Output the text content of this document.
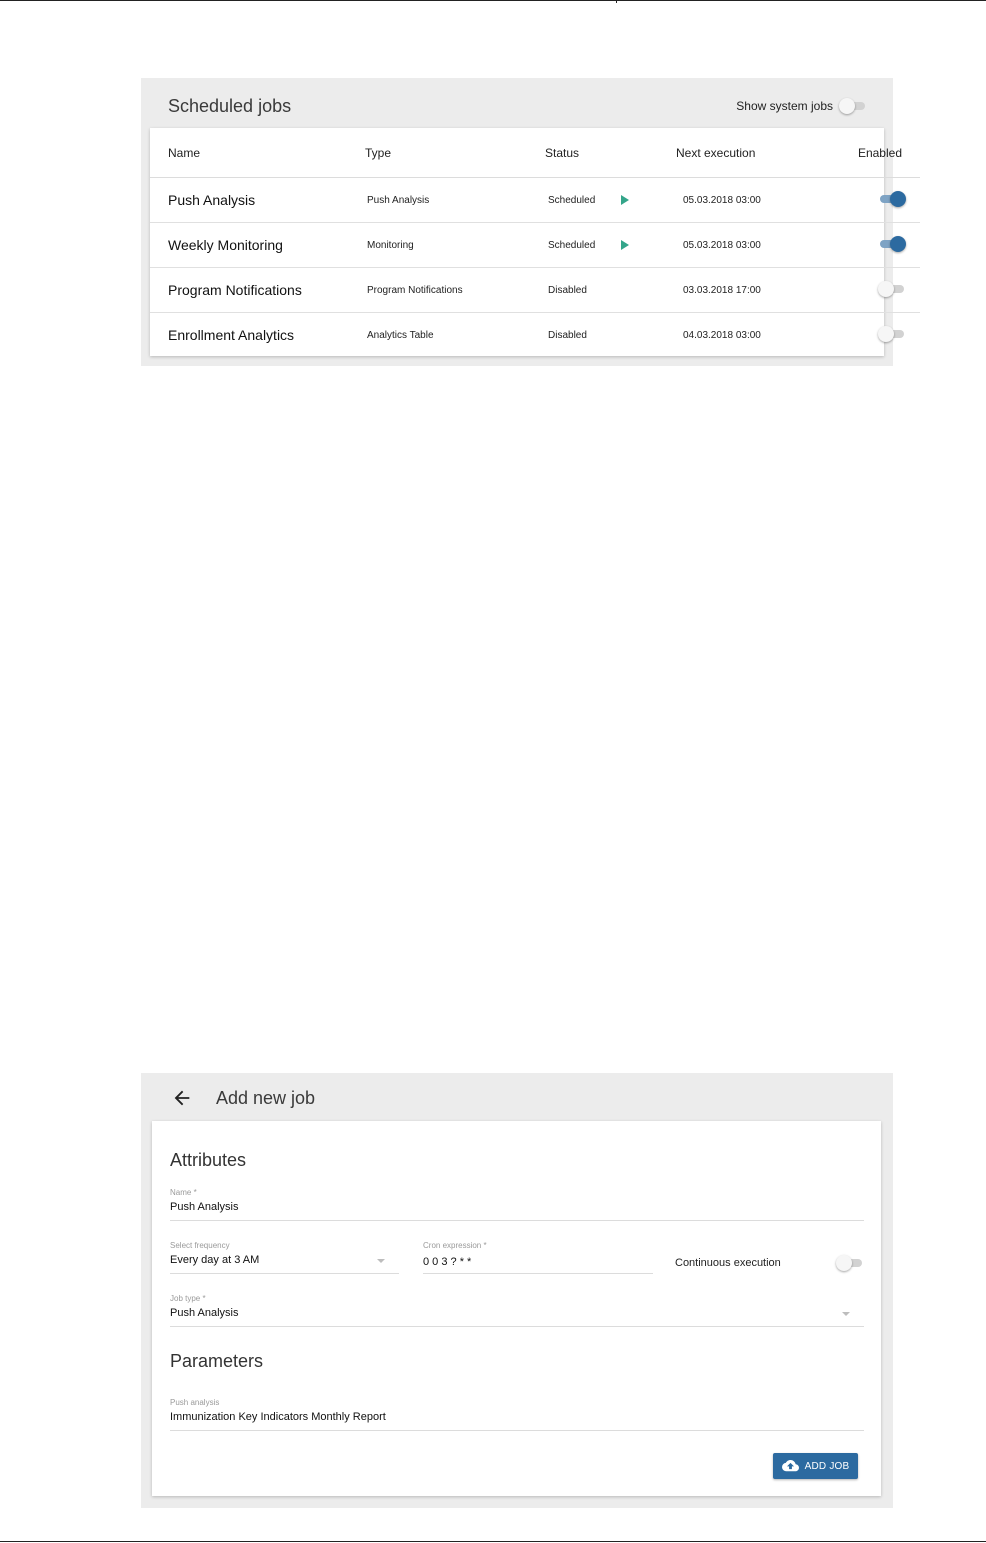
Scheduled jobs	Show system jobs
Name	Type	Status	Next execution	Enabled
Push Analysis	Push Analysis	Scheduled	05.03.2018 03:00	

Weekly Monitoring	Monitoring	Scheduled	05.03.2018 03:00	

Program Notifications	Program Notifications	Disabled	03.03.2018 17:00	

Enrollment Analytics	Analytics Table	Disabled	04.03.2018 03:00	
Add new job
Attributes
Name *
Push Analysis
Select frequency
Every day at 3 AM
Cron expression *
0 0 3 ? * *	Continuous execution
Job type *
Push Analysis
Parameters
Push analysis
Immunization Key Indicators Monthly Report
ADD JOB
